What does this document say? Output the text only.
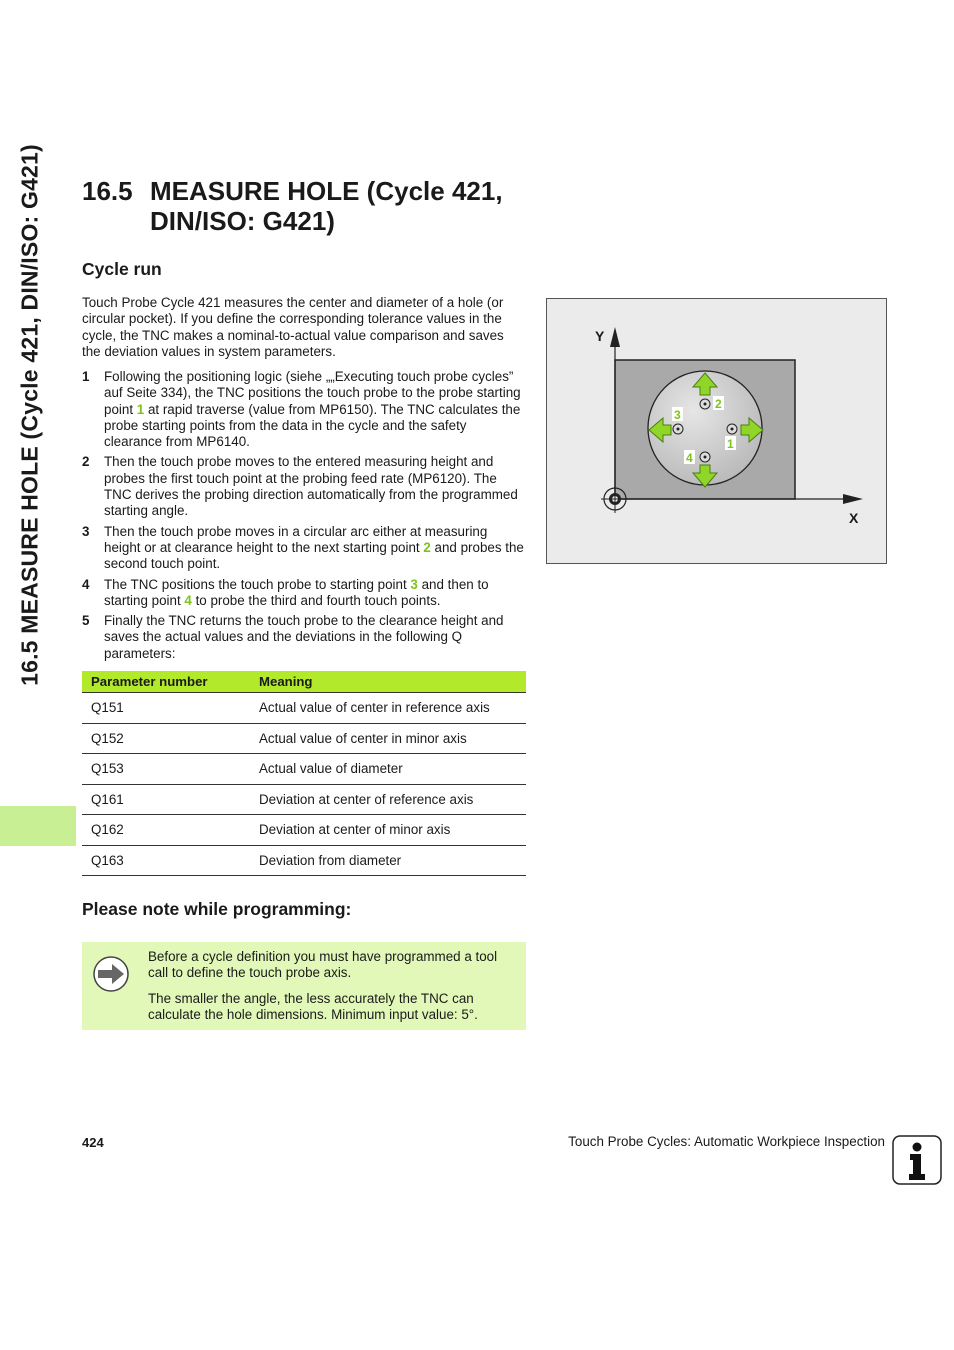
16.5 MEASURE HOLE (Cycle 421, DIN/ISO: G421) 16.5 MEASURE HOLE (Cycle 421,
DIN/ISO: G421)
Cycle run

Touch Probe Cycle 421 measures the center and diameter of a hole (or circular pocket). If you define the corresponding tolerance values in the cycle, the TNC makes a nominal-to-actual value comparison and saves the deviation values in system parameters.

1 Following the positioning logic (siehe „„Executing touch probe cycles” auf Seite 334), the TNC positions the touch probe to the probe starting point 1 at rapid traverse (value from MP6150). The TNC calculates the probe starting points from the data in the cycle and the safety clearance from MP6140.
2 Then the touch probe moves to the entered measuring height and probes the first touch point at the probing feed rate (MP6120). The TNC derives the probing direction automatically from the programmed starting angle.
3 Then the touch probe moves in a circular arc either at measuring height or at clearance height to the next starting point 2 and probes the second touch point.
4 The TNC positions the touch probe to starting point 3 and then to starting point 4 to probe the third and fourth touch points.
5 Finally the TNC returns the touch probe to the clearance height and saves the actual values and the deviations in the following Q parameters:
Parameter number	Meaning
Q151	Actual value of center in reference axis
Q152	Actual value of center in minor axis
Q153	Actual value of diameter
Q161	Deviation at center of reference axis
Q162	Deviation at center of minor axis
Q163	Deviation from diameter
Please note while programming:

Before a cycle definition you must have programmed a tool call to define the touch probe axis.

The smaller the angle, the less accurately the TNC can calculate the hole dimensions. Minimum input value: 5°.

2
3
1
4
Y
X
424	Touch Probe Cycles: Automatic Workpiece Inspection
